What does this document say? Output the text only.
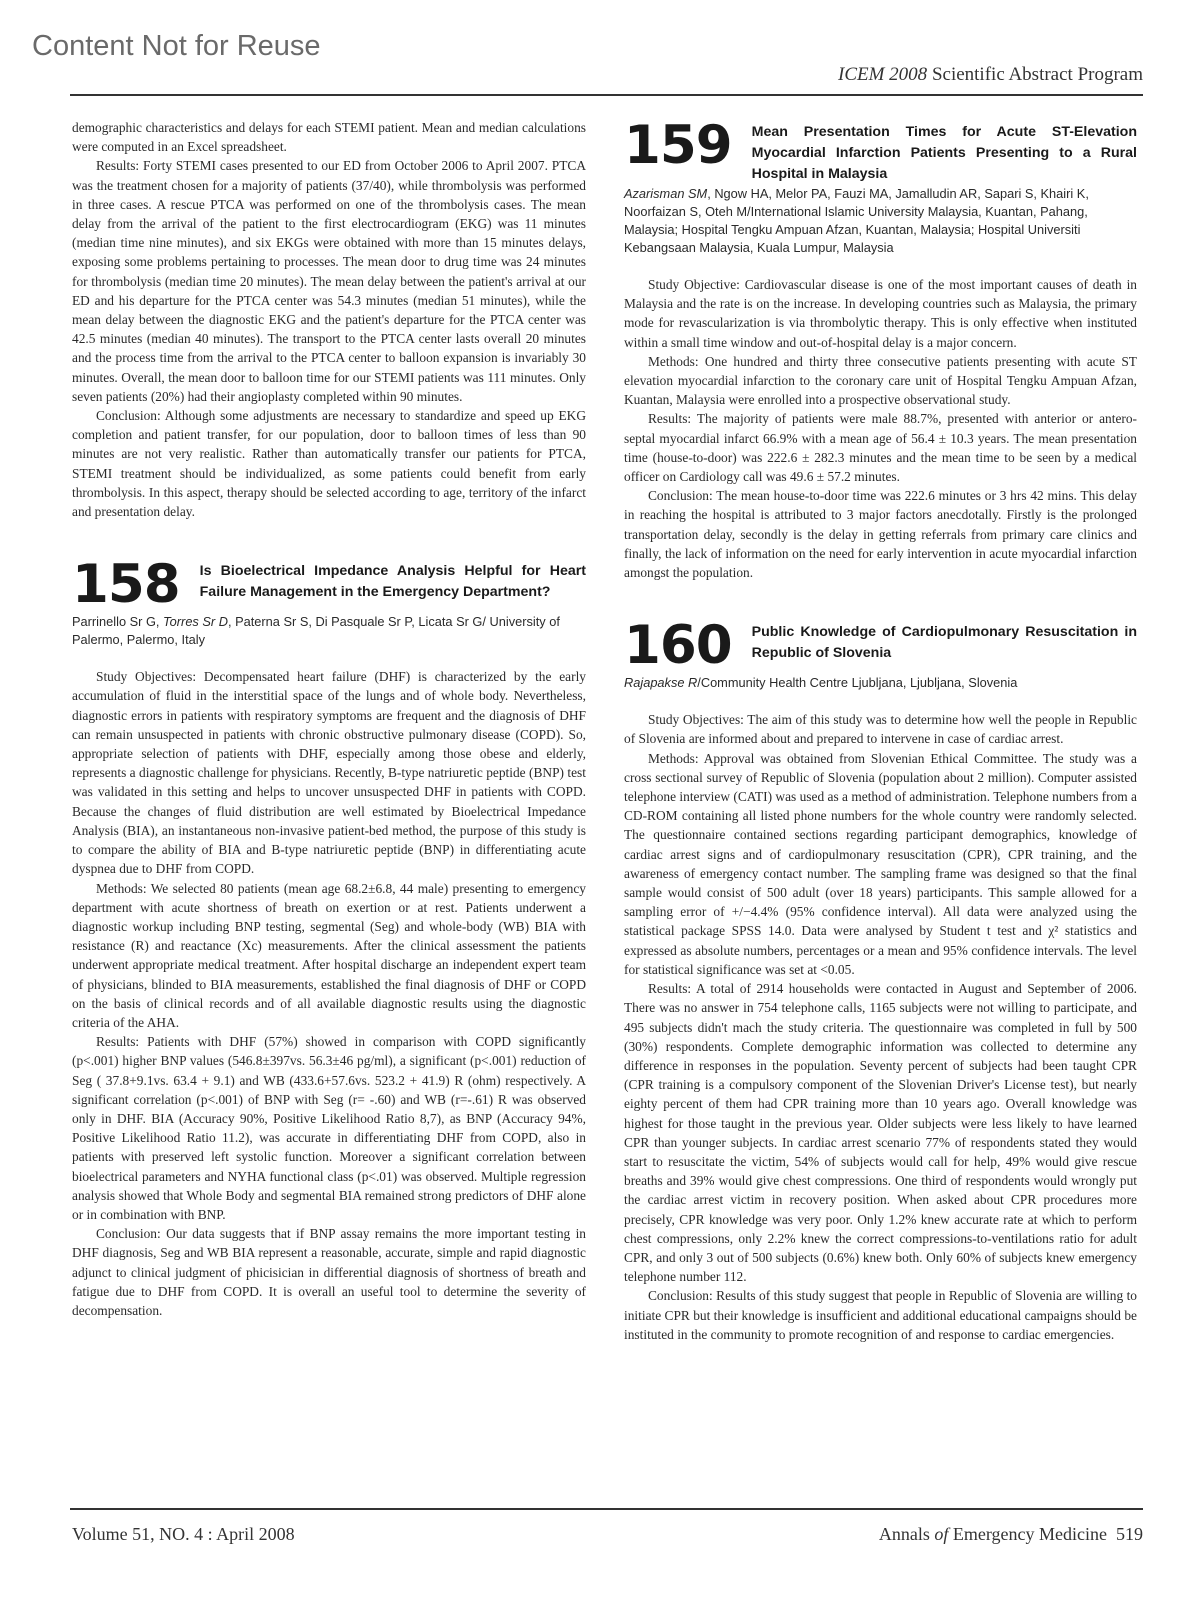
Content Not for Reuse
ICEM 2008 Scientific Abstract Program

demographic characteristics and delays for each STEMI patient. Mean and median calculations were computed in an Excel spreadsheet.

Results: Forty STEMI cases presented to our ED from October 2006 to April 2007. PTCA was the treatment chosen for a majority of patients (37/40), while thrombolysis was performed in three cases. A rescue PTCA was performed on one of the thrombolysis cases. The mean delay from the arrival of the patient to the first electrocardiogram (EKG) was 11 minutes (median time nine minutes), and six EKGs were obtained with more than 15 minutes delays, exposing some problems pertaining to processes. The mean door to drug time was 24 minutes for thrombolysis (median time 20 minutes). The mean delay between the patient's arrival at our ED and his departure for the PTCA center was 54.3 minutes (median 51 minutes), while the mean delay between the diagnostic EKG and the patient's departure for the PTCA center was 42.5 minutes (median 40 minutes). The transport to the PTCA center lasts overall 20 minutes and the process time from the arrival to the PTCA center to balloon expansion is invariably 30 minutes. Overall, the mean door to balloon time for our STEMI patients was 111 minutes. Only seven patients (20%) had their angioplasty completed within 90 minutes.

Conclusion: Although some adjustments are necessary to standardize and speed up EKG completion and patient transfer, for our population, door to balloon times of less than 90 minutes are not very realistic. Rather than automatically transfer our patients for PTCA, STEMI treatment should be individualized, as some patients could benefit from early thrombolysis. In this aspect, therapy should be selected according to age, territory of the infarct and presentation delay.

158 Is Bioelectrical Impedance Analysis Helpful for Heart Failure Management in the Emergency Department?
Parrinello Sr G, Torres Sr D, Paterna Sr S, Di Pasquale Sr P, Licata Sr G/ University of Palermo, Palermo, Italy

Study Objectives: Decompensated heart failure (DHF) is characterized by the early accumulation of fluid in the interstitial space of the lungs and of whole body. Nevertheless, diagnostic errors in patients with respiratory symptoms are frequent and the diagnosis of DHF can remain unsuspected in patients with chronic obstructive pulmonary disease (COPD). So, appropriate selection of patients with DHF, especially among those obese and elderly, represents a diagnostic challenge for physicians. Recently, B-type natriuretic peptide (BNP) test was validated in this setting and helps to uncover unsuspected DHF in patients with COPD. Because the changes of fluid distribution are well estimated by Bioelectrical Impedance Analysis (BIA), an instantaneous non-invasive patient-bed method, the purpose of this study is to compare the ability of BIA and B-type natriuretic peptide (BNP) in differentiating acute dyspnea due to DHF from COPD.

Methods: We selected 80 patients (mean age 68.2±6.8, 44 male) presenting to emergency department with acute shortness of breath on exertion or at rest. Patients underwent a diagnostic workup including BNP testing, segmental (Seg) and whole-body (WB) BIA with resistance (R) and reactance (Xc) measurements. After the clinical assessment the patients underwent appropriate medical treatment. After hospital discharge an independent expert team of physicians, blinded to BIA measurements, established the final diagnosis of DHF or COPD on the basis of clinical records and of all available diagnostic results using the diagnostic criteria of the AHA.

Results: Patients with DHF (57%) showed in comparison with COPD significantly (p<.001) higher BNP values (546.8±397vs. 56.3±46 pg/ml), a significant (p<.001) reduction of Seg ( 37.8+9.1vs. 63.4 + 9.1) and WB (433.6+57.6vs. 523.2 + 41.9) R (ohm) respectively. A significant correlation (p<.001) of BNP with Seg (r= -.60) and WB (r=-.61) R was observed only in DHF. BIA (Accuracy 90%, Positive Likelihood Ratio 8,7), as BNP (Accuracy 94%, Positive Likelihood Ratio 11.2), was accurate in differentiating DHF from COPD, also in patients with preserved left systolic function. Moreover a significant correlation between bioelectrical parameters and NYHA functional class (p<.01) was observed. Multiple regression analysis showed that Whole Body and segmental BIA remained strong predictors of DHF alone or in combination with BNP.

Conclusion: Our data suggests that if BNP assay remains the more important testing in DHF diagnosis, Seg and WB BIA represent a reasonable, accurate, simple and rapid diagnostic adjunct to clinical judgment of phicisician in differential diagnosis of shortness of breath and fatigue due to DHF from COPD. It is overall an useful tool to determine the severity of decompensation.

159 Mean Presentation Times for Acute ST-Elevation Myocardial Infarction Patients Presenting to a Rural Hospital in Malaysia
Azarisman SM, Ngow HA, Melor PA, Fauzi MA, Jamalludin AR, Sapari S, Khairi K, Noorfaizan S, Oteh M/International Islamic University Malaysia, Kuantan, Pahang, Malaysia; Hospital Tengku Ampuan Afzan, Kuantan, Malaysia; Hospital Universiti Kebangsaan Malaysia, Kuala Lumpur, Malaysia

Study Objective: Cardiovascular disease is one of the most important causes of death in Malaysia and the rate is on the increase. In developing countries such as Malaysia, the primary mode for revascularization is via thrombolytic therapy. This is only effective when instituted within a small time window and out-of-hospital delay is a major concern.

Methods: One hundred and thirty three consecutive patients presenting with acute ST elevation myocardial infarction to the coronary care unit of Hospital Tengku Ampuan Afzan, Kuantan, Malaysia were enrolled into a prospective observational study.

Results: The majority of patients were male 88.7%, presented with anterior or antero-septal myocardial infarct 66.9% with a mean age of 56.4 ± 10.3 years. The mean presentation time (house-to-door) was 222.6 ± 282.3 minutes and the mean time to be seen by a medical officer on Cardiology call was 49.6 ± 57.2 minutes.

Conclusion: The mean house-to-door time was 222.6 minutes or 3 hrs 42 mins. This delay in reaching the hospital is attributed to 3 major factors anecdotally. Firstly is the prolonged transportation delay, secondly is the delay in getting referrals from primary care clinics and finally, the lack of information on the need for early intervention in acute myocardial infarction amongst the population.

160 Public Knowledge of Cardiopulmonary Resuscitation in Republic of Slovenia
Rajapakse R/Community Health Centre Ljubljana, Ljubljana, Slovenia

Study Objectives: The aim of this study was to determine how well the people in Republic of Slovenia are informed about and prepared to intervene in case of cardiac arrest.

Methods: Approval was obtained from Slovenian Ethical Committee. The study was a cross sectional survey of Republic of Slovenia (population about 2 million). Computer assisted telephone interview (CATI) was used as a method of administration. Telephone numbers from a CD-ROM containing all listed phone numbers for the whole country were randomly selected. The questionnaire contained sections regarding participant demographics, knowledge of cardiac arrest signs and of cardiopulmonary resuscitation (CPR), CPR training, and the awareness of emergency contact number. The sampling frame was designed so that the final sample would consist of 500 adult (over 18 years) participants. This sample allowed for a sampling error of +/−4.4% (95% confidence interval). All data were analyzed using the statistical package SPSS 14.0. Data were analysed by Student t test and χ² statistics and expressed as absolute numbers, percentages or a mean and 95% confidence intervals. The level for statistical significance was set at <0.05.

Results: A total of 2914 households were contacted in August and September of 2006. There was no answer in 754 telephone calls, 1165 subjects were not willing to participate, and 495 subjects didn't mach the study criteria. The questionnaire was completed in full by 500 (30%) respondents. Complete demographic information was collected to determine any difference in responses in the population. Seventy percent of subjects had been taught CPR (CPR training is a compulsory component of the Slovenian Driver's License test), but nearly eighty percent of them had CPR training more than 10 years ago. Overall knowledge was highest for those taught in the previous year. Older subjects were less likely to have learned CPR than younger subjects. In cardiac arrest scenario 77% of respondents stated they would start to resuscitate the victim, 54% of subjects would call for help, 49% would give rescue breaths and 39% would give chest compressions. One third of respondents would wrongly put the cardiac arrest victim in recovery position. When asked about CPR procedures more precisely, CPR knowledge was very poor. Only 1.2% knew accurate rate at which to perform chest compressions, only 2.2% knew the correct compressions-to-ventilations ratio for adult CPR, and only 3 out of 500 subjects (0.6%) knew both. Only 60% of subjects knew emergency telephone number 112.

Conclusion: Results of this study suggest that people in Republic of Slovenia are willing to initiate CPR but their knowledge is insufficient and additional educational campaigns should be instituted in the community to promote recognition of and response to cardiac emergencies.

Volume 51, NO. 4 : April 2008	Annals of Emergency Medicine 519
